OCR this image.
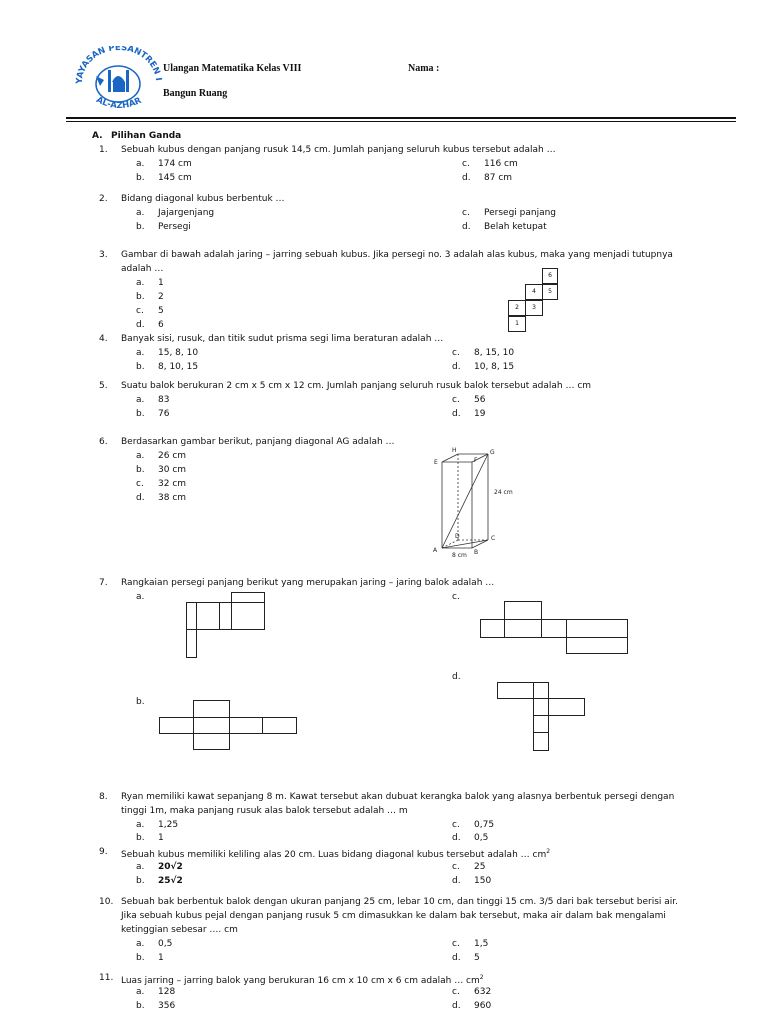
YAYASAN PESANTREN I
AL-AZHAR
Ulangan Matematika Kelas VIII
Bangun Ruang
Nama :
A. Pilihan Ganda
1. Sebuah kubus dengan panjang rusuk 14,5 cm. Jumlah panjang seluruh kubus tersebut adalah …
a. 174 cm
b. 145 cm
c. 116 cm
d. 87 cm
2. Bidang diagonal kubus berbentuk …
a. Jajargenjang
b. Persegi
c. Persegi panjang
d. Belah ketupat
3. Gambar di bawah adalah jaring – jarring sebuah kubus. Jika persegi no. 3 adalah alas kubus, maka yang menjadi tutupnya
adalah …
a. 1
b. 2
c. 5
d. 6
6
4	5
2	3
1
4. Banyak sisi, rusuk, dan titik sudut prisma segi lima beraturan adalah …
a. 15, 8, 10
b. 8, 10, 15
c. 8, 15, 10
d. 10, 8, 15
5. Suatu balok berukuran 2 cm x 5 cm x 12 cm. Jumlah panjang seluruh rusuk balok tersebut adalah … cm
a. 83
b. 76
c. 56
d. 19
6. Berdasarkan gambar berikut, panjang diagonal AG adalah …
a. 26 cm
b. 30 cm
c. 32 cm
d. 38 cm
H	G
E	F
D	C
A	B
24 cm
8 cm
7. Rangkaian persegi panjang berikut yang merupakan jaring – jaring balok adalah …
a.	c.
d.
b.
8. Ryan memiliki kawat sepanjang 8 m. Kawat tersebut akan dubuat kerangka balok yang alasnya berbentuk persegi dengan
tinggi 1m, maka panjang rusuk alas balok tersebut adalah … m
a. 1,25
b. 1
c. 0,75
d. 0,5
9. Sebuah kubus memiliki keliling alas 20 cm. Luas bidang diagonal kubus tersebut adalah … $cm^2$
a. 20√2
b. 25√2
c. 25
d. 150
10. Sebuah bak berbentuk balok dengan ukuran panjang 25 cm, lebar 10 cm, dan tinggi 15 cm. 3/5 dari bak tersebut berisi air.
Jika sebuah kubus pejal dengan panjang rusuk 5 cm dimasukkan ke dalam bak tersebut, maka air dalam bak mengalami
ketinggian sebesar …. cm
a. 0,5
b. 1
c. 1,5
d. 5
11. Luas jarring – jarring balok yang berukuran 16 cm x 10 cm x 6 cm adalah … $cm^2$
a. 128
b. 356
c. 632
d. 960
